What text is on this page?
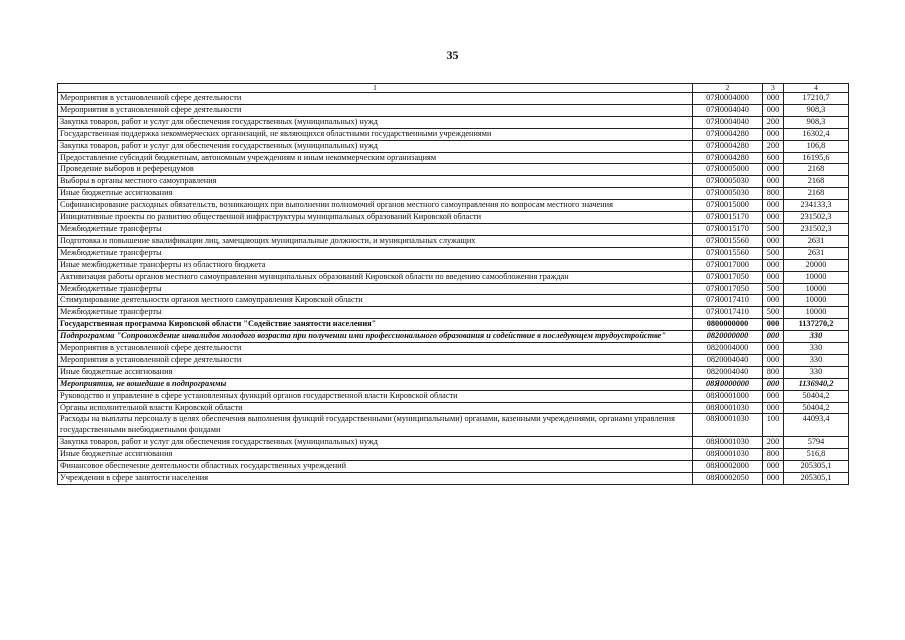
35
1	2	3	4
Мероприятия в установленной сфере деятельности	07Я0004000	000	17210,7
Мероприятия в установленной сфере деятельности	07Я0004040	000	908,3
Закупка товаров, работ и услуг для обеспечения государственных (муниципальных) нужд	07Я0004040	200	908,3
Государственная поддержка некоммерческих организаций, не являющихся областными государственными учреждениями	07Я0004280	000	16302,4
Закупка товаров, работ и услуг для обеспечения государственных (муниципальных) нужд	07Я0004280	200	106,8
Предоставление субсидий бюджетным, автономным учреждениям и иным некоммерческим организациям	07Я0004280	600	16195,6
Проведение выборов и референдумов	07Я0005000	000	2168
Выборы в органы местного самоуправления	07Я0005030	000	2168
Иные бюджетные ассигнования	07Я0005030	800	2168
Софинансирование расходных обязательств, возникающих при выполнении полномочий органов местного самоуправления по вопросам местного значения	07Я0015000	000	234133,3
Инициативные проекты по развитию общественной инфраструктуры муниципальных образований Кировской области	07Я0015170	000	231502,3
Межбюджетные трансферты	07Я0015170	500	231502,3
Подготовка и повышение квалификации лиц, замещающих муниципальные должности, и муниципальных служащих	07Я0015560	000	2631
Межбюджетные трансферты	07Я0015560	500	2631
Иные межбюджетные трансферты из областного бюджета	07Я0017000	000	20000
Активизация работы органов местного самоуправления муниципальных образований Кировской области по введению самообложения граждан	07Я0017050	000	10000
Межбюджетные трансферты	07Я0017050	500	10000
Стимулирование деятельности органов местного самоуправления Кировской области	07Я0017410	000	10000
Межбюджетные трансферты	07Я0017410	500	10000
Государственная программа Кировской области "Содействие занятости населения"	0800000000	000	1137270,2
Подпрограмма "Сопровождение инвалидов молодого возраста при получении ими профессионального образования и содействие в последующем трудоустройстве"	0820000000	000	330
Мероприятия в установленной сфере деятельности	0820004000	000	330
Мероприятия в установленной сфере деятельности	0820004040	000	330
Иные бюджетные ассигнования	0820004040	800	330
Мероприятия, не вошедшие в подпрограммы	08Я0000000	000	1136940,2
Руководство и управление в сфере установленных функций органов государственной власти Кировской области	08Я0001000	000	50404,2
Органы исполнительной власти Кировской области	08Я0001030	000	50404,2
Расходы на выплаты персоналу в целях обеспечения выполнения функций государственными (муниципальными) органами, казенными учреждениями, органами управления государственными внебюджетными фондами	08Я0001030	100	44093,4
Закупка товаров, работ и услуг для обеспечения государственных (муниципальных) нужд	08Я0001030	200	5794
Иные бюджетные ассигнования	08Я0001030	800	516,8
Финансовое обеспечение деятельности областных государственных учреждений	08Я0002000	000	205305,1
Учреждения в сфере занятости населения	08Я0002050	000	205305,1
